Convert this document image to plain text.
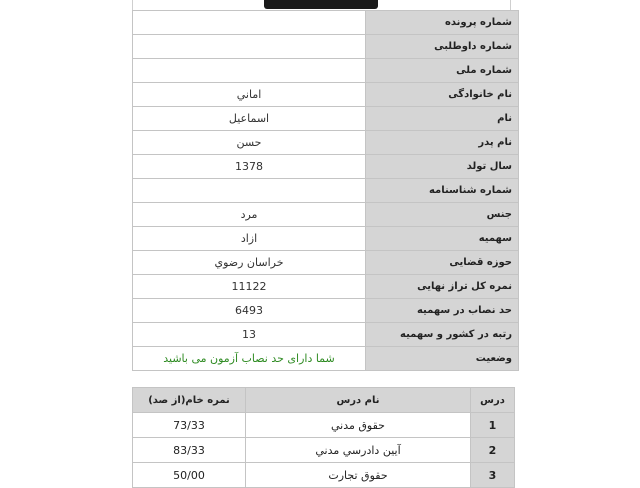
	شماره پرونده
	شماره داوطلبی
	شماره ملی
اماني	نام خانوادگی
اسماعيل	نام
حسن	نام پدر
1378	سال تولد
	شماره شناسنامه
مرد	جنس
ازاد	سهمیه
خراسان رضوي	حوزه قضایی
11122	نمره کل تراز نهایی
6493	حد نصاب در سهمیه
13	رتبه در کشور و سهمیه
شما دارای حد نصاب آزمون می باشید	وضعیت
نمره خام(از صد)	نام درس	درس
73/33	حقوق مدني	1
83/33	آيين دادرسي مدني	2
50/00	حقوق تجارت	3
